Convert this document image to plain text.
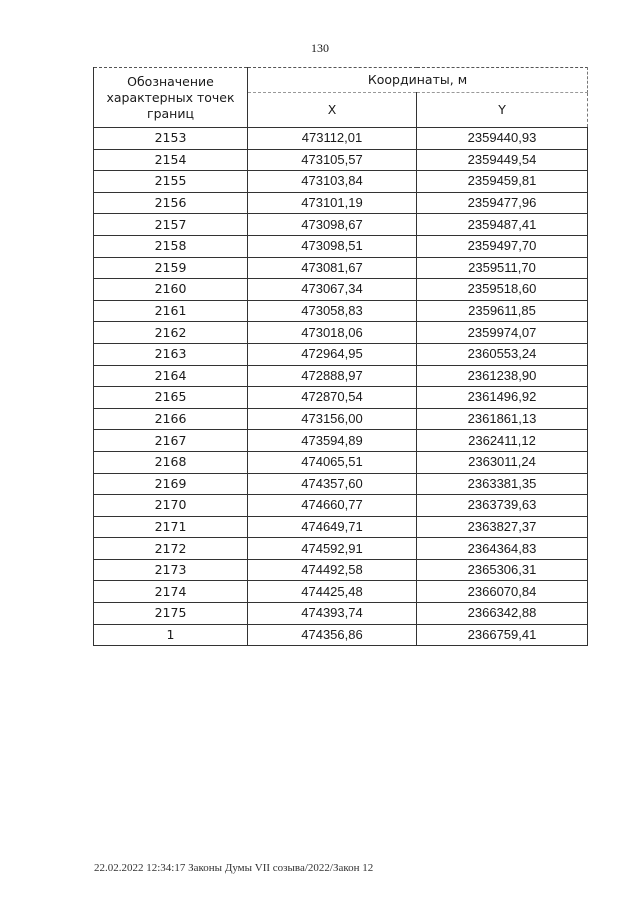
130
Обозначение характерных точек границ	Координаты, м	
	X	Y
2153	473112,01	2359440,93
2154	473105,57	2359449,54
2155	473103,84	2359459,81
2156	473101,19	2359477,96
2157	473098,67	2359487,41
2158	473098,51	2359497,70
2159	473081,67	2359511,70
2160	473067,34	2359518,60
2161	473058,83	2359611,85
2162	473018,06	2359974,07
2163	472964,95	2360553,24
2164	472888,97	2361238,90
2165	472870,54	2361496,92
2166	473156,00	2361861,13
2167	473594,89	2362411,12
2168	474065,51	2363011,24
2169	474357,60	2363381,35
2170	474660,77	2363739,63
2171	474649,71	2363827,37
2172	474592,91	2364364,83
2173	474492,58	2365306,31
2174	474425,48	2366070,84
2175	474393,74	2366342,88
1	474356,86	2366759,41
22.02.2022 12:34:17 Законы Думы VII созыва/2022/Закон 12
